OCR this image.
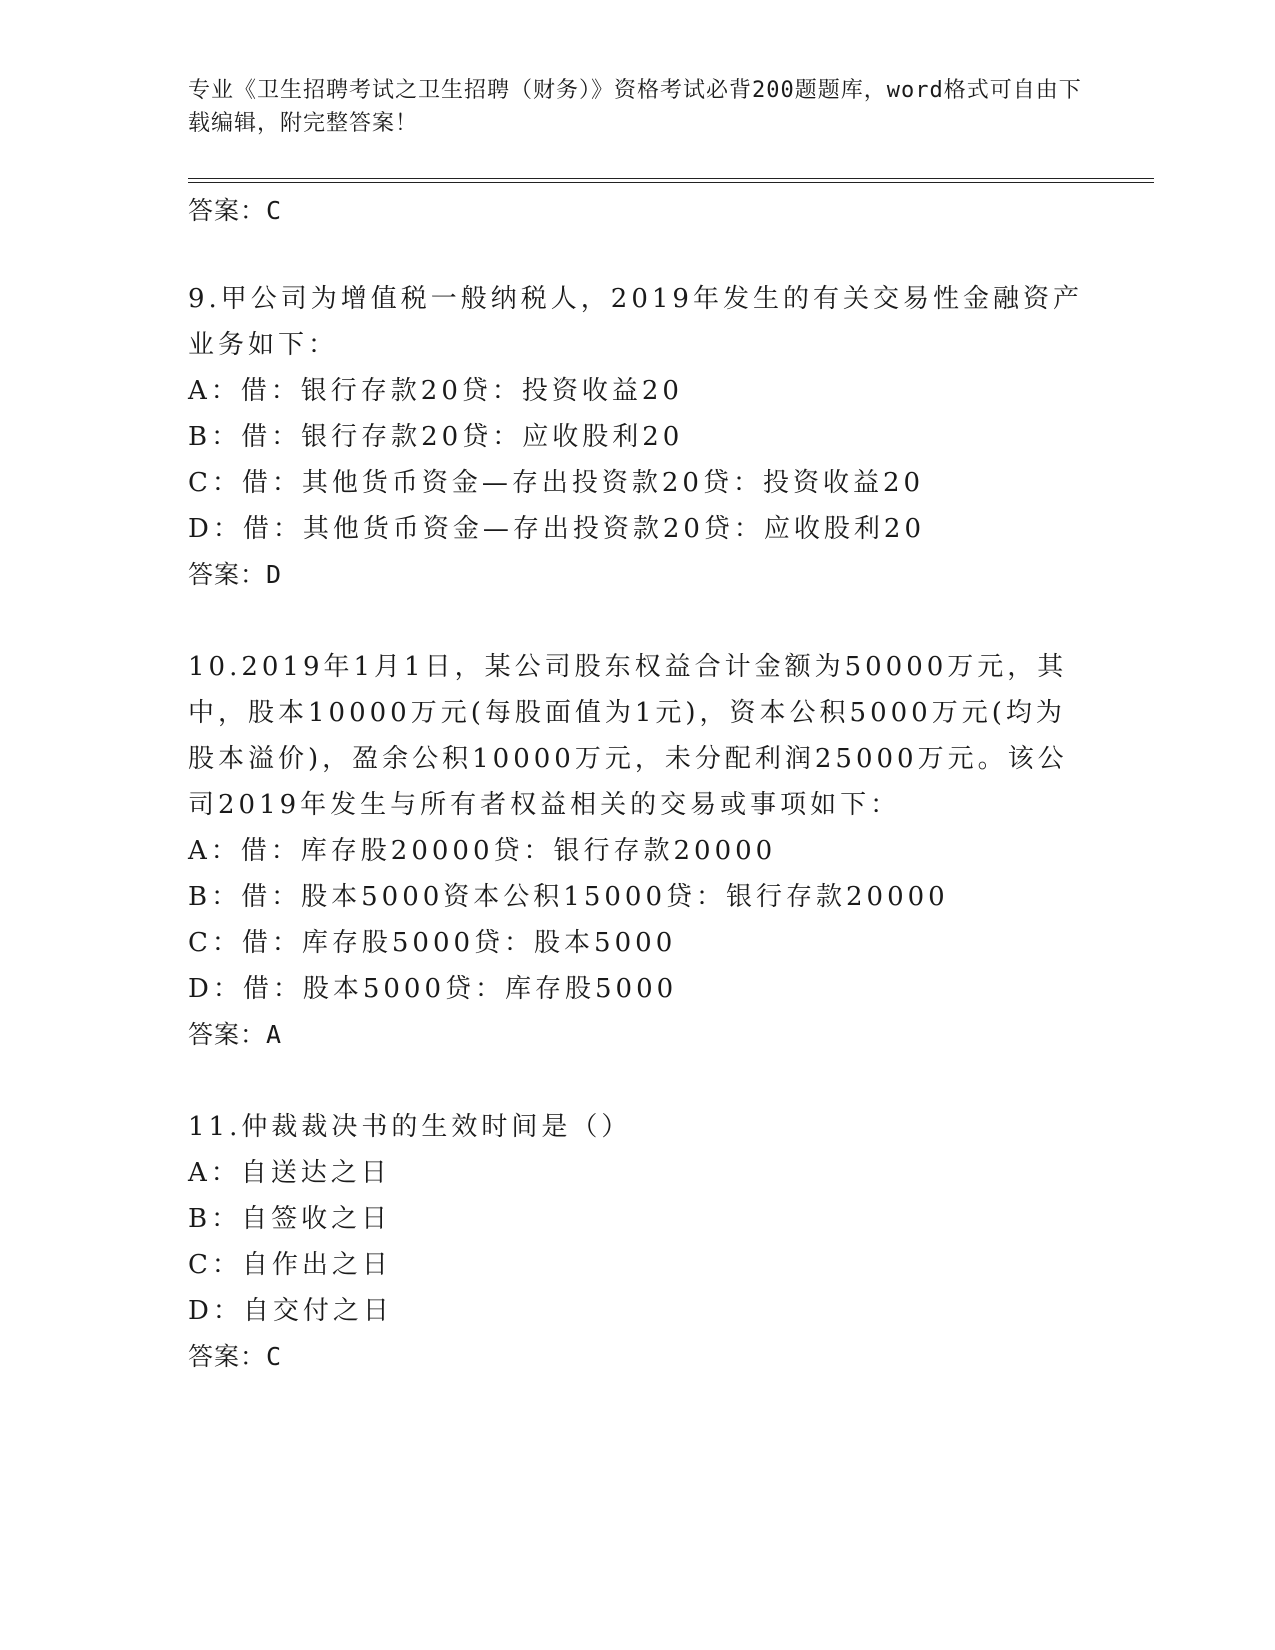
专业《卫生招聘考试之卫生招聘（财务）》资格考试必背200题题库，word格式可自由下载编辑，附完整答案！
答案：C

9.甲公司为增值税一般纳税人，2019年发生的有关交易性金融资产业务如下：

A：借：银行存款20贷：投资收益20

B：借：银行存款20贷：应收股利20

C：借：其他货币资金—存出投资款20贷：投资收益20

D：借：其他货币资金—存出投资款20贷：应收股利20

答案：D

10.2019年1月1日，某公司股东权益合计金额为50000万元，其中，股本10000万元(每股面值为1元)，资本公积5000万元(均为股本溢价)，盈余公积10000万元，未分配利润25000万元。该公司2019年发生与所有者权益相关的交易或事项如下：

A：借：库存股20000贷：银行存款20000

B：借：股本5000资本公积15000贷：银行存款20000

C：借：库存股5000贷：股本5000

D：借：股本5000贷：库存股5000

答案：A

11.仲裁裁决书的生效时间是（）

A：自送达之日

B：自签收之日

C：自作出之日

D：自交付之日

答案：C
